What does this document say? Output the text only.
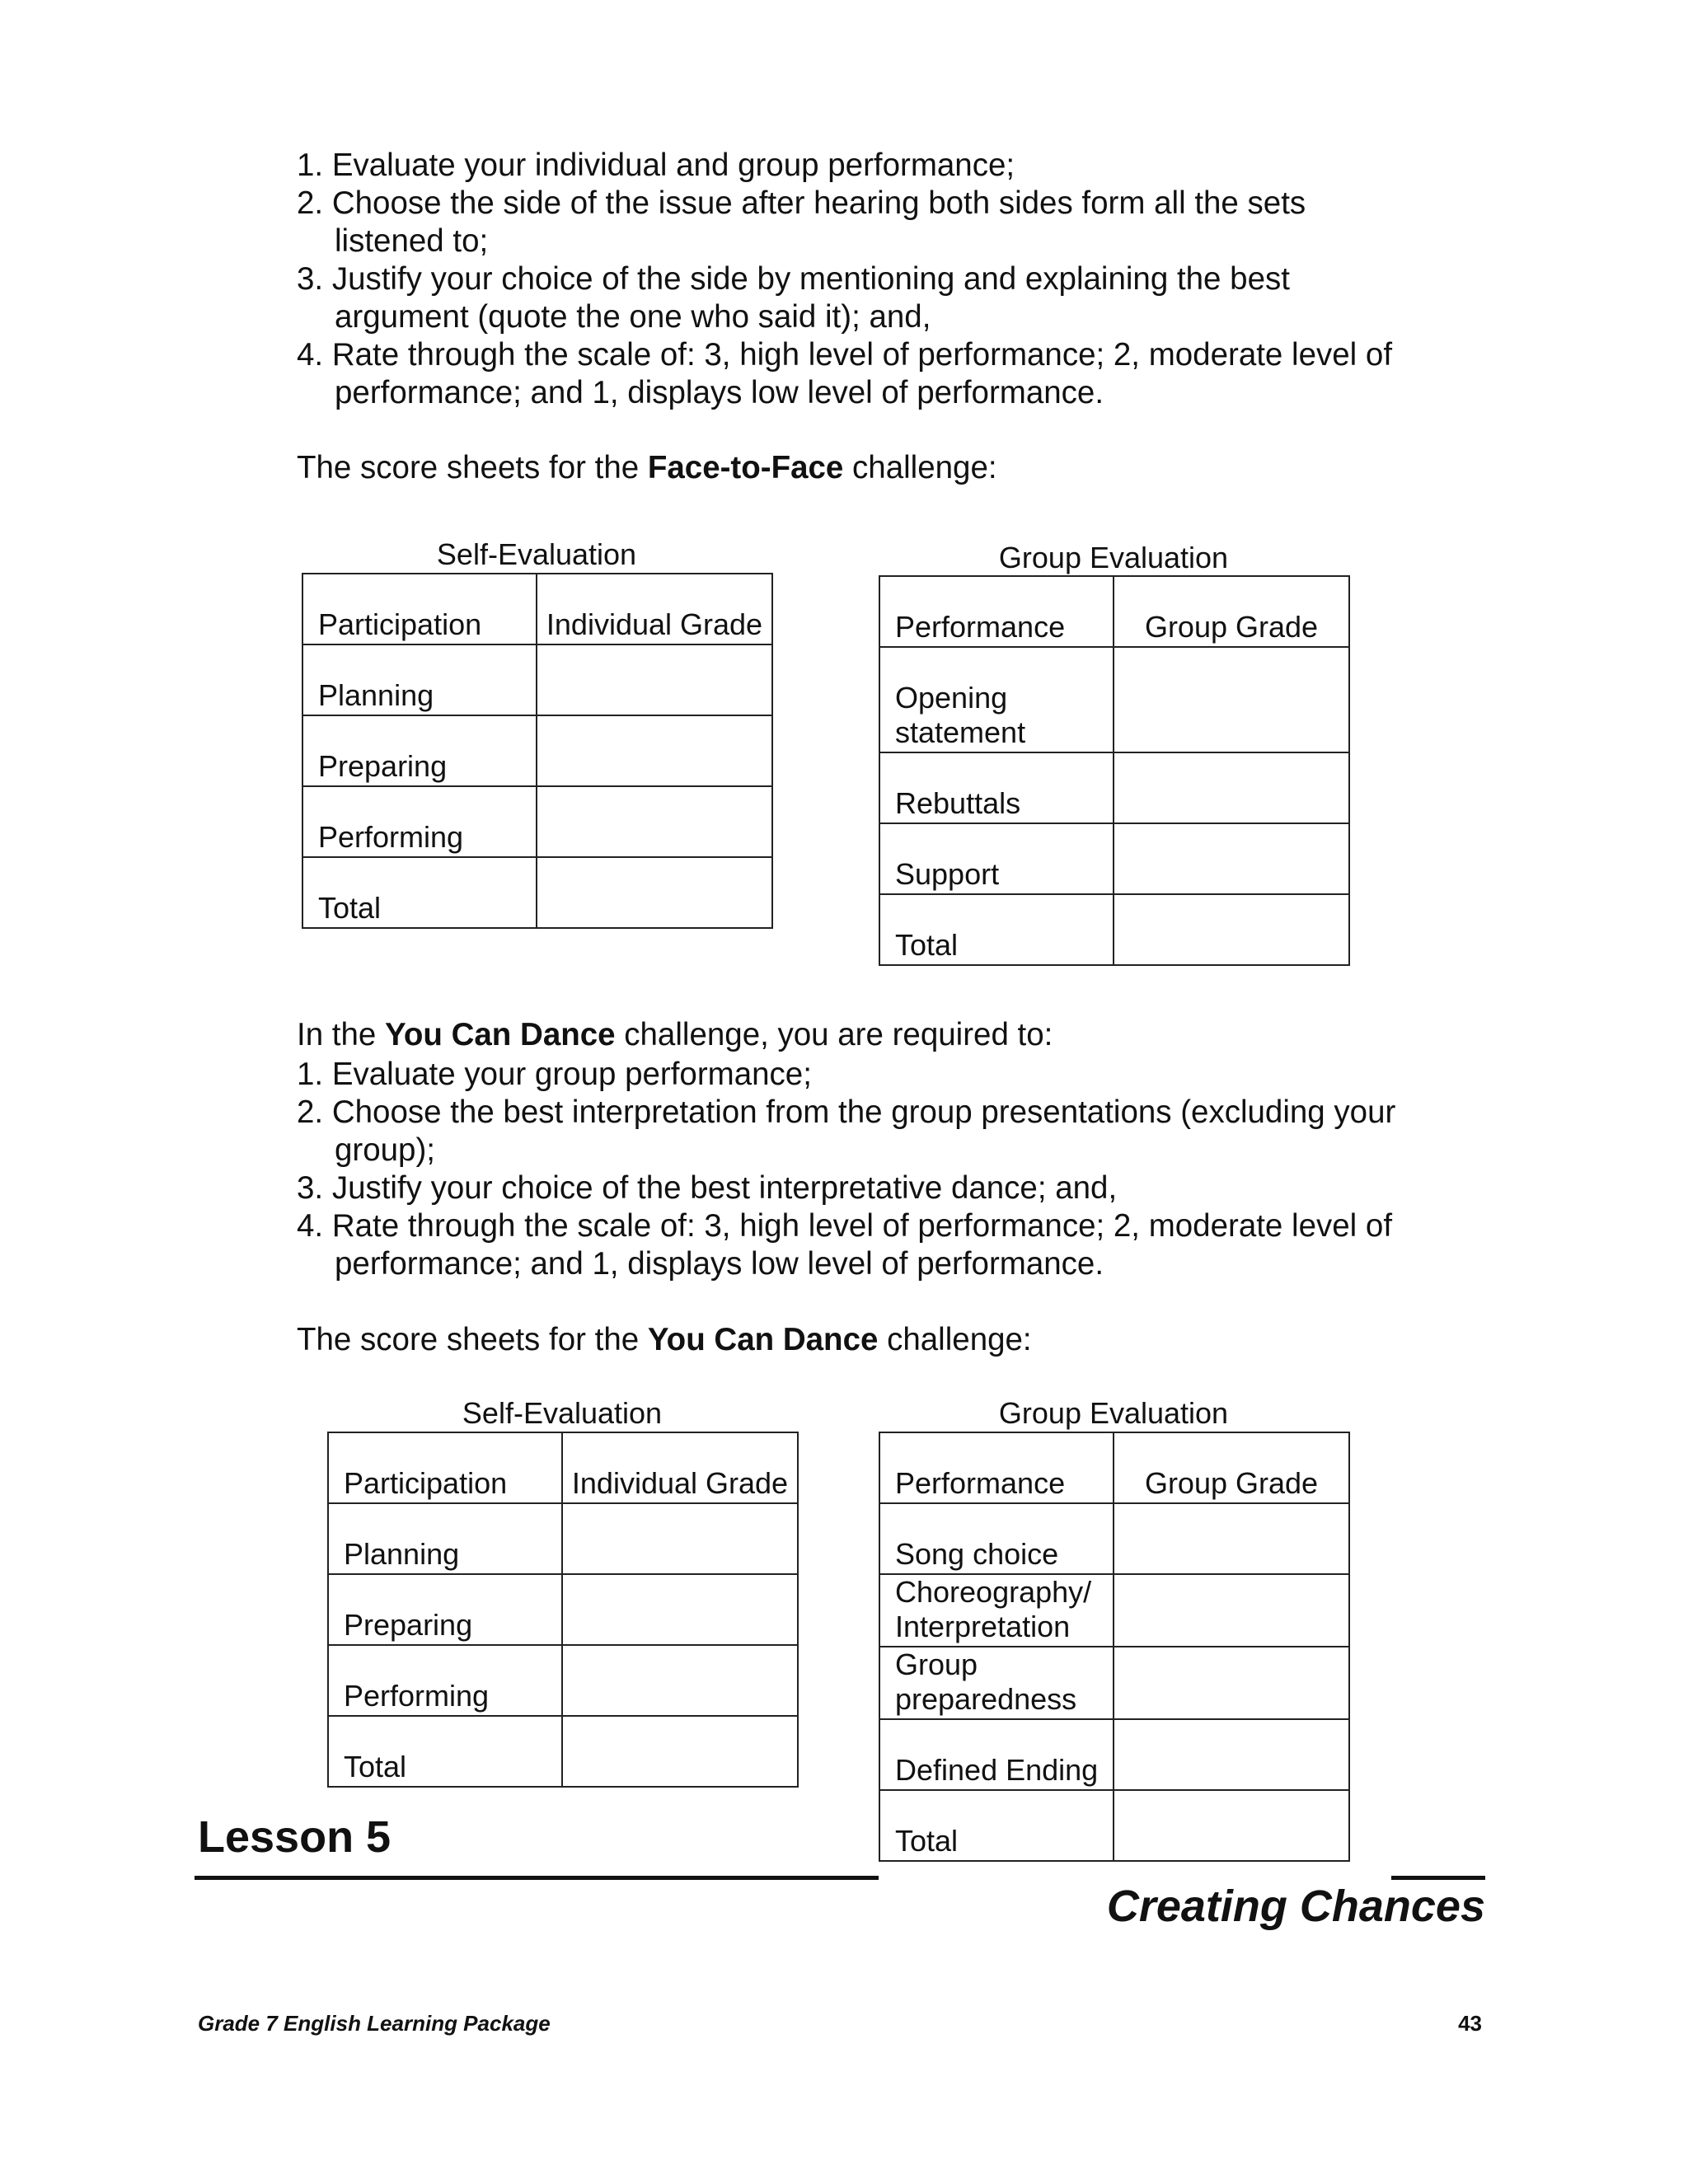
1. Evaluate your individual and group performance;
2. Choose the side of the issue after hearing both sides form all the sets
listened to;
3. Justify your choice of the side by mentioning and explaining the best
argument (quote the one who said it); and,
4. Rate through the scale of: 3, high level of performance; 2, moderate level of
performance; and 1, displays low level of performance.
The score sheets for the Face-to-Face challenge:
Self-Evaluation
Participation	Individual Grade
Planning	
Preparing	
Performing	
Total	
Group Evaluation
Performance	Group Grade
Opening statement	
Rebuttals	
Support	
Total	
In the You Can Dance challenge, you are required to:
1. Evaluate your group performance;
2. Choose the best interpretation from the group presentations (excluding your
group);
3. Justify your choice of the best interpretative dance; and,
4. Rate through the scale of: 3, high level of performance; 2, moderate level of
performance; and 1, displays low level of performance.
The score sheets for the You Can Dance challenge:
Self-Evaluation
Participation	Individual Grade
Planning	
Preparing	
Performing	
Total	
Group Evaluation
Performance	Group Grade
Song choice	
Choreography/ Interpretation	
Group preparedness	
Defined Ending	
Total	
Lesson 5
Creating Chances
Grade 7 English Learning Package	43
